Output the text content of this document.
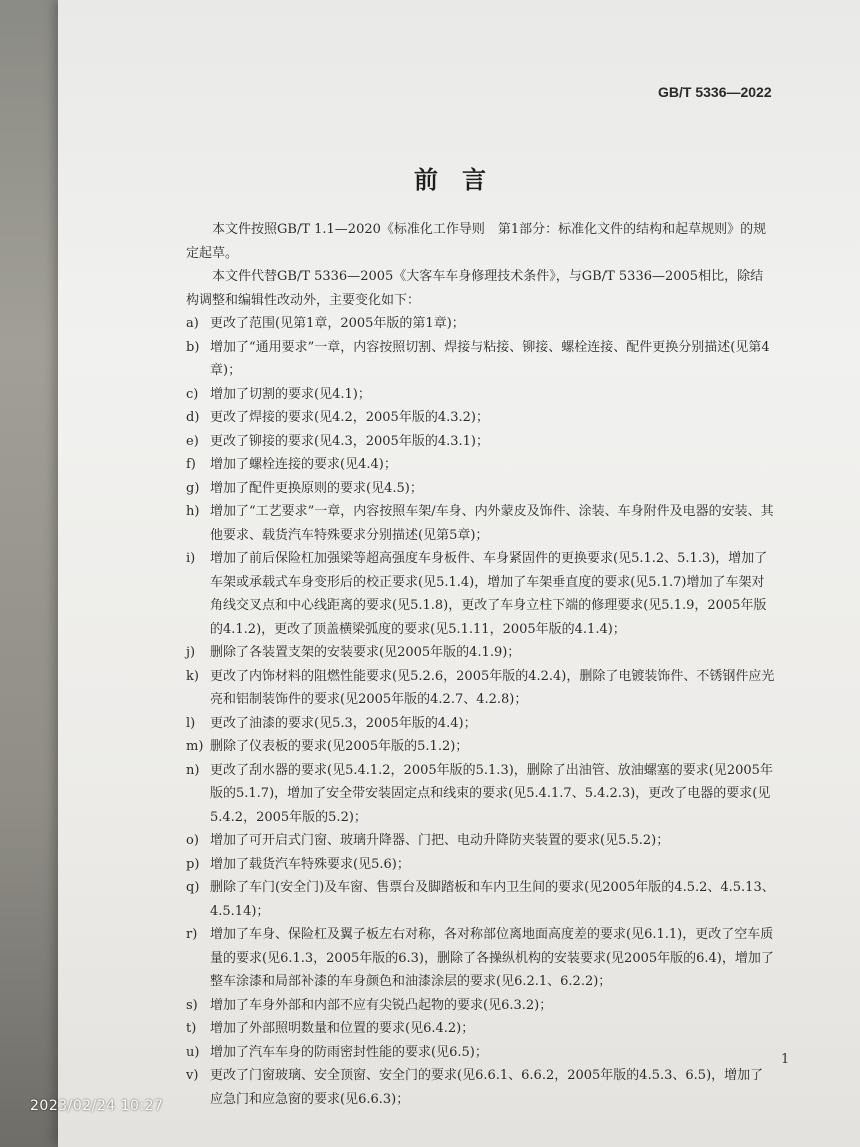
GB/T 5336—2022

前言

本文件按照GB/T 1.1—2020《标准化工作导则　第1部分：标准化文件的结构和起草规则》的规定起草。

本文件代替GB/T 5336—2005《大客车车身修理技术条件》，与GB/T 5336—2005相比，除结构调整和编辑性改动外，主要变化如下：

a) 更改了范围(见第1章，2005年版的第1章)；
b) 增加了“通用要求”一章，内容按照切割、焊接与粘接、铆接、螺栓连接、配件更换分别描述(见第4章)；
c) 增加了切割的要求(见4.1)；
d) 更改了焊接的要求(见4.2，2005年版的4.3.2)；
e) 更改了铆接的要求(见4.3，2005年版的4.3.1)；
f)	增加了螺栓连接的要求(见4.4)；
g) 增加了配件更换原则的要求(见4.5)；
h) 增加了“工艺要求”一章，内容按照车架/车身、内外蒙皮及饰件、涂装、车身附件及电器的安装、其他要求、载货汽车特殊要求分别描述(见第5章)；
i)	增加了前后保险杠加强梁等超高强度车身板件、车身紧固件的更换要求(见5.1.2、5.1.3)，增加了车架或承载式车身变形后的校正要求(见5.1.4)，增加了车架垂直度的要求(见5.1.7)增加了车架对角线交叉点和中心线距离的要求(见5.1.8)，更改了车身立柱下端的修理要求(见5.1.9，2005年版的4.1.2)，更改了顶盖横梁弧度的要求(见5.1.11，2005年版的4.1.4)；
j)	删除了各装置支架的安装要求(见2005年版的4.1.9)；
k) 更改了内饰材料的阻燃性能要求(见5.2.6，2005年版的4.2.4)，删除了电镀装饰件、不锈钢件应光亮和铝制装饰件的要求(见2005年版的4.2.7、4.2.8)；
l)	更改了油漆的要求(见5.3，2005年版的4.4)；
m) 删除了仪表板的要求(见2005年版的5.1.2)；
n) 更改了刮水器的要求(见5.4.1.2，2005年版的5.1.3)，删除了出油管、放油螺塞的要求(见2005年版的5.1.7)，增加了安全带安装固定点和线束的要求(见5.4.1.7、5.4.2.3)，更改了电器的要求(见5.4.2，2005年版的5.2)；
o) 增加了可开启式门窗、玻璃升降器、门把、电动升降防夹装置的要求(见5.5.2)；
p) 增加了载货汽车特殊要求(见5.6)；
q) 删除了车门(安全门)及车窗、售票台及脚踏板和车内卫生间的要求(见2005年版的4.5.2、4.5.13、4.5.14)；
r) 增加了车身、保险杠及翼子板左右对称，各对称部位离地面高度差的要求(见6.1.1)，更改了空车质量的要求(见6.1.3，2005年版的6.3)，删除了各操纵机构的安装要求(见2005年版的6.4)，增加了整车涂漆和局部补漆的车身颜色和油漆涂层的要求(见6.2.1、6.2.2)；
s) 增加了车身外部和内部不应有尖锐凸起物的要求(见6.3.2)；
t)	增加了外部照明数量和位置的要求(见6.4.2)；
u) 增加了汽车车身的防雨密封性能的要求(见6.5)；
v) 更改了门窗玻璃、安全顶窗、安全门的要求(见6.6.1、6.6.2，2005年版的4.5.3、6.5)，增加了应急门和应急窗的要求(见6.6.3)；

1

2023/02/24 10:27
